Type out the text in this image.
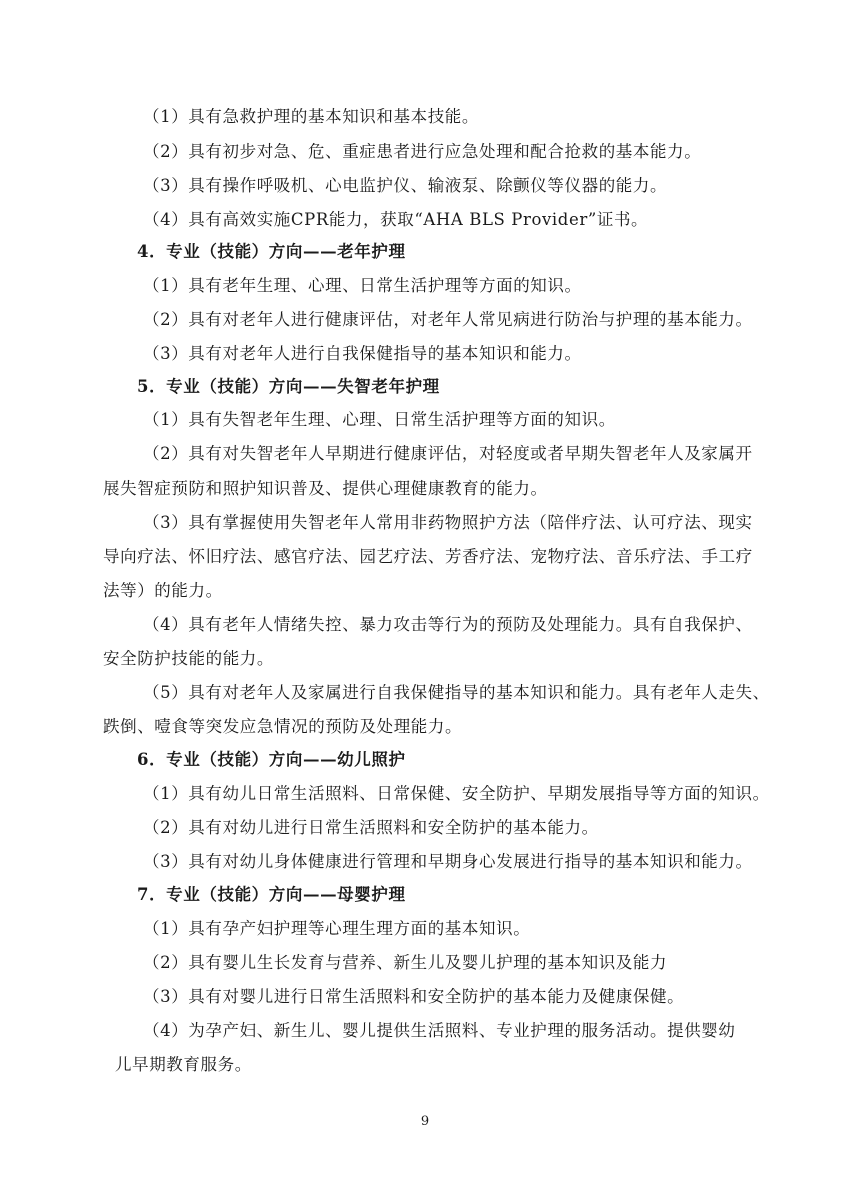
（1）具有急救护理的基本知识和基本技能。
（2）具有初步对急、危、重症患者进行应急处理和配合抢救的基本能力。
（3）具有操作呼吸机、心电监护仪、输液泵、除颤仪等仪器的能力。
（4）具有高效实施CPR能力，获取“AHA BLS Provider”证书。
4．专业（技能）方向——老年护理
（1）具有老年生理、心理、日常生活护理等方面的知识。
（2）具有对老年人进行健康评估，对老年人常见病进行防治与护理的基本能力。
（3）具有对老年人进行自我保健指导的基本知识和能力。
5．专业（技能）方向——失智老年护理
（1）具有失智老年生理、心理、日常生活护理等方面的知识。
（2）具有对失智老年人早期进行健康评估，对轻度或者早期失智老年人及家属开
展失智症预防和照护知识普及、提供心理健康教育的能力。
（3）具有掌握使用失智老年人常用非药物照护方法（陪伴疗法、认可疗法、现实
导向疗法、怀旧疗法、感官疗法、园艺疗法、芳香疗法、宠物疗法、音乐疗法、手工疗
法等）的能力。
（4）具有老年人情绪失控、暴力攻击等行为的预防及处理能力。具有自我保护、
安全防护技能的能力。
（5）具有对老年人及家属进行自我保健指导的基本知识和能力。具有老年人走失、
跌倒、噎食等突发应急情况的预防及处理能力。
6．专业（技能）方向——幼儿照护
（1）具有幼儿日常生活照料、日常保健、安全防护、早期发展指导等方面的知识。
（2）具有对幼儿进行日常生活照料和安全防护的基本能力。
（3）具有对幼儿身体健康进行管理和早期身心发展进行指导的基本知识和能力。
7．专业（技能）方向——母婴护理
（1）具有孕产妇护理等心理生理方面的基本知识。
（2）具有婴儿生长发育与营养、新生儿及婴儿护理的基本知识及能力
（3）具有对婴儿进行日常生活照料和安全防护的基本能力及健康保健。
（4）为孕产妇、新生儿、婴儿提供生活照料、专业护理的服务活动。提供婴幼
儿早期教育服务。
9
